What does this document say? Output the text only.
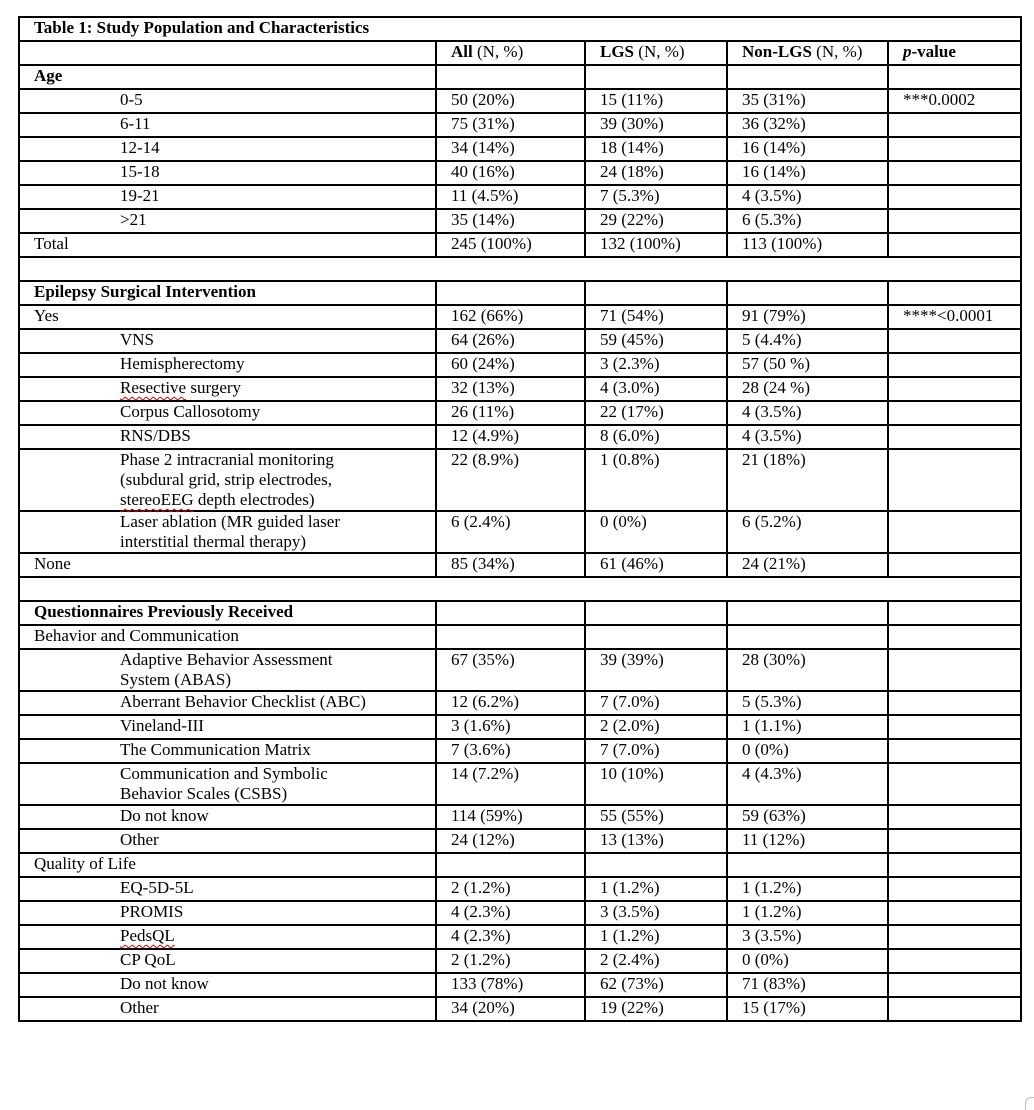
Table 1: Study Population and Characteristics				
	All (N, %)	LGS (N, %)	Non-LGS (N, %)	p-value
Age				
0-5	50 (20%)	15 (11%)	35 (31%)	***0.0002
6-11	75 (31%)	39 (30%)	36 (32%)	
12-14	34 (14%)	18 (14%)	16 (14%)	
15-18	40 (16%)	24 (18%)	16 (14%)	
19-21	11 (4.5%)	7 (5.3%)	4 (3.5%)	
>21	35 (14%)	29 (22%)	6 (5.3%)	
Total	245 (100%)	132 (100%)	113 (100%)	

Epilepsy Surgical Intervention				
Yes	162 (66%)	71 (54%)	91 (79%)	****<0.0001
VNS	64 (26%)	59 (45%)	5 (4.4%)	
Hemispherectomy	60 (24%)	3 (2.3%)	57 (50 %)	
Resective surgery	32 (13%)	4 (3.0%)	28 (24 %)	
Corpus Callosotomy	26 (11%)	22 (17%)	4 (3.5%)	
RNS/DBS	12 (4.9%)	8 (6.0%)	4 (3.5%)	

Phase 2 intracranial monitoring
(subdural grid, strip electrodes,
stereoEEG depth electrodes)	22 (8.9%)	1 (0.8%)	21 (18%)	

Laser ablation (MR guided laser
interstitial thermal therapy)	6 (2.4%)	0 (0%)	6 (5.2%)	
None	85 (34%)	61 (46%)	24 (21%)	

Questionnaires Previously Received				
Behavior and Communication				

Adaptive Behavior Assessment
System (ABAS)	67 (35%)	39 (39%)	28 (30%)	
Aberrant Behavior Checklist (ABC)	12 (6.2%)	7 (7.0%)	5 (5.3%)	
Vineland-III	3 (1.6%)	2 (2.0%)	1 (1.1%)	
The Communication Matrix	7 (3.6%)	7 (7.0%)	0 (0%)	

Communication and Symbolic
Behavior Scales (CSBS)	14 (7.2%)	10 (10%)	4 (4.3%)	
Do not know	114 (59%)	55 (55%)	59 (63%)	
Other	24 (12%)	13 (13%)	11 (12%)	
Quality of Life				
EQ-5D-5L	2 (1.2%)	1 (1.2%)	1 (1.2%)	
PROMIS	4 (2.3%)	3 (3.5%)	1 (1.2%)	
PedsQL	4 (2.3%)	1 (1.2%)	3 (3.5%)	
CP QoL	2 (1.2%)	2 (2.4%)	0 (0%)	
Do not know	133 (78%)	62 (73%)	71 (83%)	
Other	34 (20%)	19 (22%)	15 (17%)	
